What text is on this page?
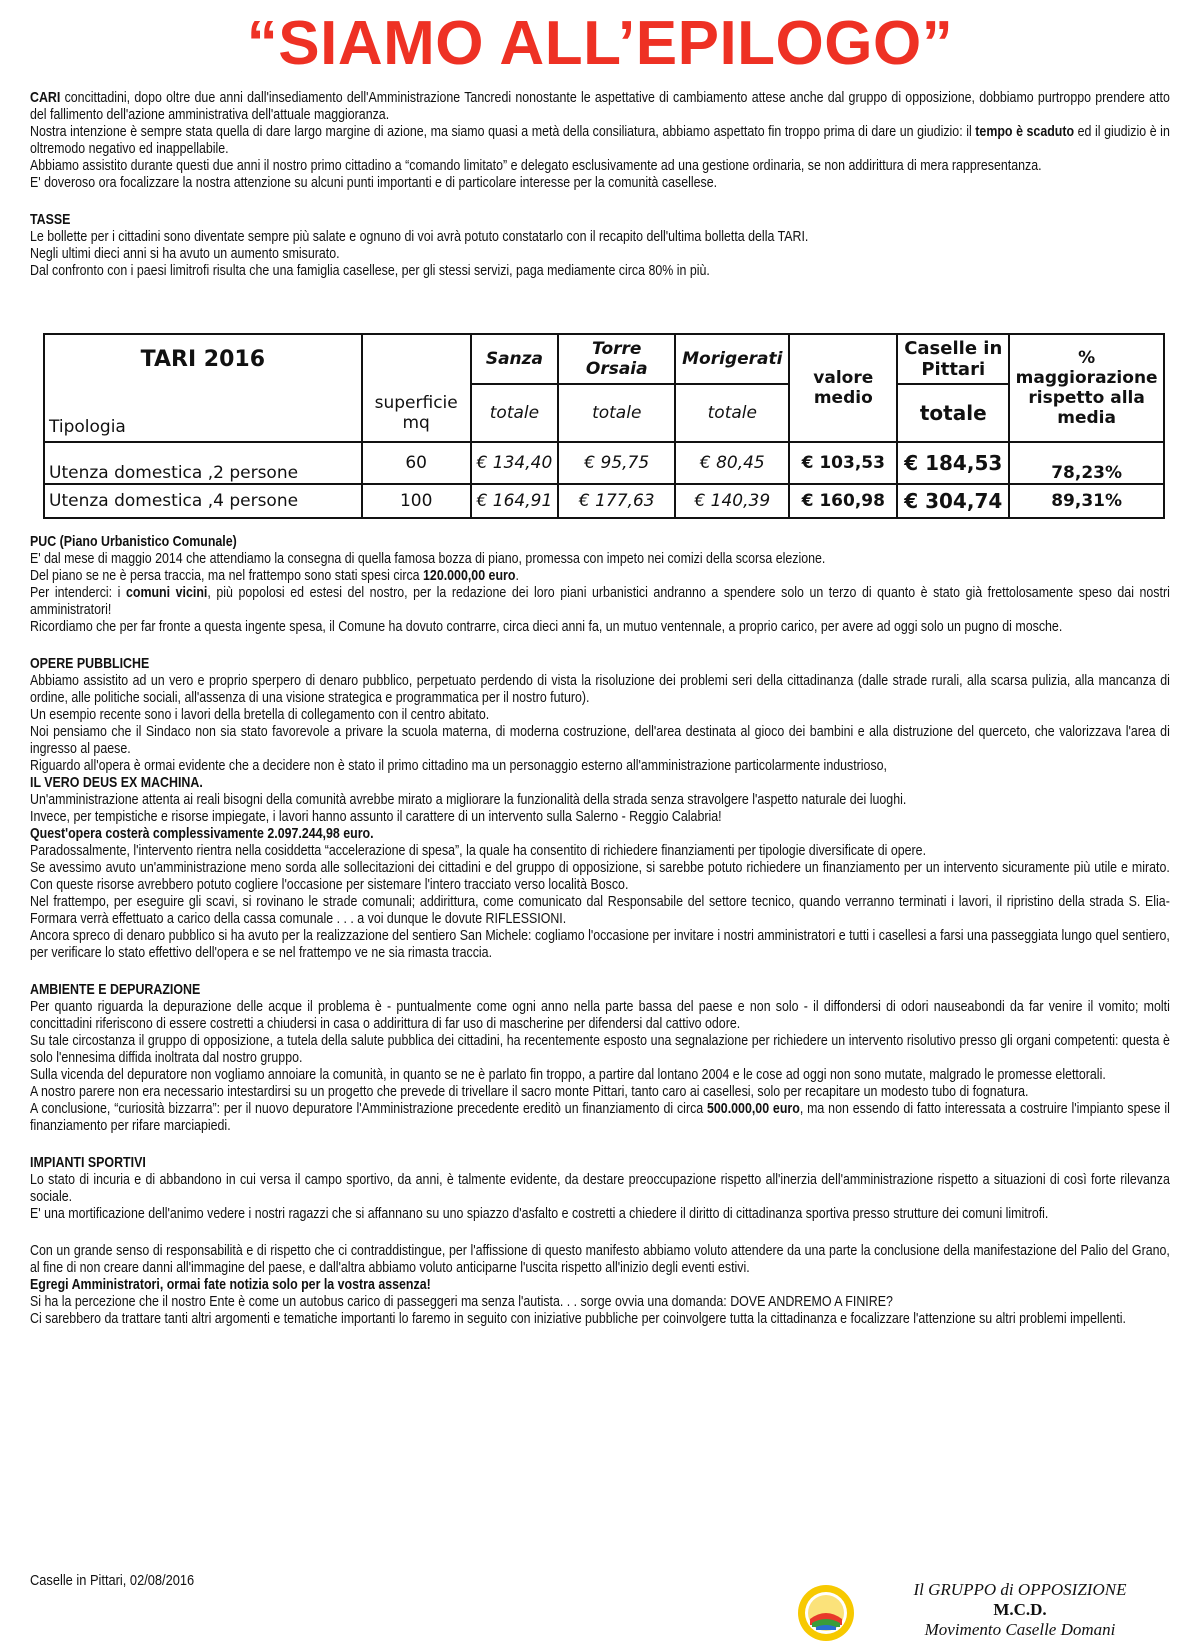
“SIAMO ALL’EPILOGO”

CARI concittadini, dopo oltre due anni dall'insediamento dell'Amministrazione Tancredi nonostante le aspettative di cambiamento attese anche dal gruppo di opposizione, dobbiamo purtroppo prendere atto del fallimento dell'azione amministrativa dell'attuale maggioranza.

Nostra intenzione è sempre stata quella di dare largo margine di azione, ma siamo quasi a metà della consiliatura, abbiamo aspettato fin troppo prima di dare un giudizio: il tempo è scaduto ed il giudizio è in oltremodo negativo ed inappellabile.

Abbiamo assistito durante questi due anni il nostro primo cittadino a “comando limitato” e delegato esclusivamente ad una gestione ordinaria, se non addirittura di mera rappresentanza.

E' doveroso ora focalizzare la nostra attenzione su alcuni punti importanti e di particolare interesse per la comunità casellese.

TASSE

Le bollette per i cittadini sono diventate sempre più salate e ognuno di voi avrà potuto constatarlo con il recapito dell'ultima bolletta della TARI.

Negli ultimi dieci anni si ha avuto un aumento smisurato.

Dal confronto con i paesi limitrofi risulta che una famiglia casellese, per gli stessi servizi, paga mediamente circa 80% in più.

TARI 2016		Sanza	Torre Orsaia	Morigerati	valore medio	Caselle in Pittari	% maggiorazione rispetto alla media
Tipologia	superficie mq	totale	totale	totale		totale	
Utenza domestica ,2 persone	60	€ 134,40	€ 95,75	€ 80,45	€ 103,53	€ 184,53	78,23%
Utenza domestica ,4 persone	100	€ 164,91	€ 177,63	€ 140,39	€ 160,98	€ 304,74	89,31%

PUC (Piano Urbanistico Comunale)

E' dal mese di maggio 2014 che attendiamo la consegna di quella famosa bozza di piano, promessa con impeto nei comizi della scorsa elezione.

Del piano se ne è persa traccia, ma nel frattempo sono stati spesi circa 120.000,00 euro.

Per intenderci: i comuni vicini, più popolosi ed estesi del nostro, per la redazione dei loro piani urbanistici andranno a spendere solo un terzo di quanto è stato già frettolosamente speso dai nostri amministratori!

Ricordiamo che per far fronte a questa ingente spesa, il Comune ha dovuto contrarre, circa dieci anni fa, un mutuo ventennale, a proprio carico, per avere ad oggi solo un pugno di mosche.

OPERE PUBBLICHE

Abbiamo assistito ad un vero e proprio sperpero di denaro pubblico, perpetuato perdendo di vista la risoluzione dei problemi seri della cittadinanza (dalle strade rurali, alla scarsa pulizia, alla mancanza di ordine, alle politiche sociali, all'assenza di una visione strategica e programmatica per il nostro futuro).

Un esempio recente sono i lavori della bretella di collegamento con il centro abitato.

Noi pensiamo che il Sindaco non sia stato favorevole a privare la scuola materna, di moderna costruzione, dell'area destinata al gioco dei bambini e alla distruzione del querceto, che valorizzava l'area di ingresso al paese.

Riguardo all'opera è ormai evidente che a decidere non è stato il primo cittadino ma un personaggio esterno all'amministrazione particolarmente industrioso,

IL VERO DEUS EX MACHINA.

Un'amministrazione attenta ai reali bisogni della comunità avrebbe mirato a migliorare la funzionalità della strada senza stravolgere l'aspetto naturale dei luoghi.

Invece, per tempistiche e risorse impiegate, i lavori hanno assunto il carattere di un intervento sulla Salerno - Reggio Calabria!

Quest'opera costerà complessivamente 2.097.244,98 euro.

Paradossalmente, l'intervento rientra nella cosiddetta “accelerazione di spesa”, la quale ha consentito di richiedere finanziamenti per tipologie diversificate di opere.

Se avessimo avuto un'amministrazione meno sorda alle sollecitazioni dei cittadini e del gruppo di opposizione, si sarebbe potuto richiedere un finanziamento per un intervento sicuramente più utile e mirato. Con queste risorse avrebbero potuto cogliere l'occasione per sistemare l'intero tracciato verso località Bosco.

Nel frattempo, per eseguire gli scavi, si rovinano le strade comunali; addirittura, come comunicato dal Responsabile del settore tecnico, quando verranno terminati i lavori, il ripristino della strada S. Elia-Formara verrà effettuato a carico della cassa comunale . . . a voi dunque le dovute RIFLESSIONI.

Ancora spreco di denaro pubblico si ha avuto per la realizzazione del sentiero San Michele: cogliamo l'occasione per invitare i nostri amministratori e tutti i casellesi a farsi una passeggiata lungo quel sentiero, per verificare lo stato effettivo dell'opera e se nel frattempo ve ne sia rimasta traccia.

AMBIENTE E DEPURAZIONE

Per quanto riguarda la depurazione delle acque il problema è - puntualmente come ogni anno nella parte bassa del paese e non solo - il diffondersi di odori nauseabondi da far venire il vomito; molti concittadini riferiscono di essere costretti a chiudersi in casa o addirittura di far uso di mascherine per difendersi dal cattivo odore.

Su tale circostanza il gruppo di opposizione, a tutela della salute pubblica dei cittadini, ha recentemente esposto una segnalazione per richiedere un intervento risolutivo presso gli organi competenti: questa è solo l'ennesima diffida inoltrata dal nostro gruppo.

Sulla vicenda del depuratore non vogliamo annoiare la comunità, in quanto se ne è parlato fin troppo, a partire dal lontano 2004 e le cose ad oggi non sono mutate, malgrado le promesse elettorali.

A nostro parere non era necessario intestardirsi su un progetto che prevede di trivellare il sacro monte Pittari, tanto caro ai casellesi, solo per recapitare un modesto tubo di fognatura.

A conclusione, “curiosità bizzarra”: per il nuovo depuratore l'Amministrazione precedente ereditò un finanziamento di circa 500.000,00 euro, ma non essendo di fatto interessata a costruire l'impianto spese il finanziamento per rifare marciapiedi.

IMPIANTI SPORTIVI

Lo stato di incuria e di abbandono in cui versa il campo sportivo, da anni, è talmente evidente, da destare preoccupazione rispetto all'inerzia dell'amministrazione rispetto a situazioni di così forte rilevanza sociale.

E' una mortificazione dell'animo vedere i nostri ragazzi che si affannano su uno spiazzo d'asfalto e costretti a chiedere il diritto di cittadinanza sportiva presso strutture dei comuni limitrofi.

Con un grande senso di responsabilità e di rispetto che ci contraddistingue, per l'affissione di questo manifesto abbiamo voluto attendere da una parte la conclusione della manifestazione del Palio del Grano, al fine di non creare danni all'immagine del paese, e dall'altra abbiamo voluto anticiparne l'uscita rispetto all'inizio degli eventi estivi.

Egregi Amministratori, ormai fate notizia solo per la vostra assenza!

Si ha la percezione che il nostro Ente è come un autobus carico di passeggeri ma senza l'autista. . . sorge ovvia una domanda: DOVE ANDREMO A FINIRE?

Ci sarebbero da trattare tanti altri argomenti e tematiche importanti lo faremo in seguito con iniziative pubbliche per coinvolgere tutta la cittadinanza e focalizzare l'attenzione su altri problemi impellenti.

Caselle in Pittari, 02/08/2016	Il GRUPPO di OPPOSIZIONE
M.C.D.
Movimento Caselle Domani
